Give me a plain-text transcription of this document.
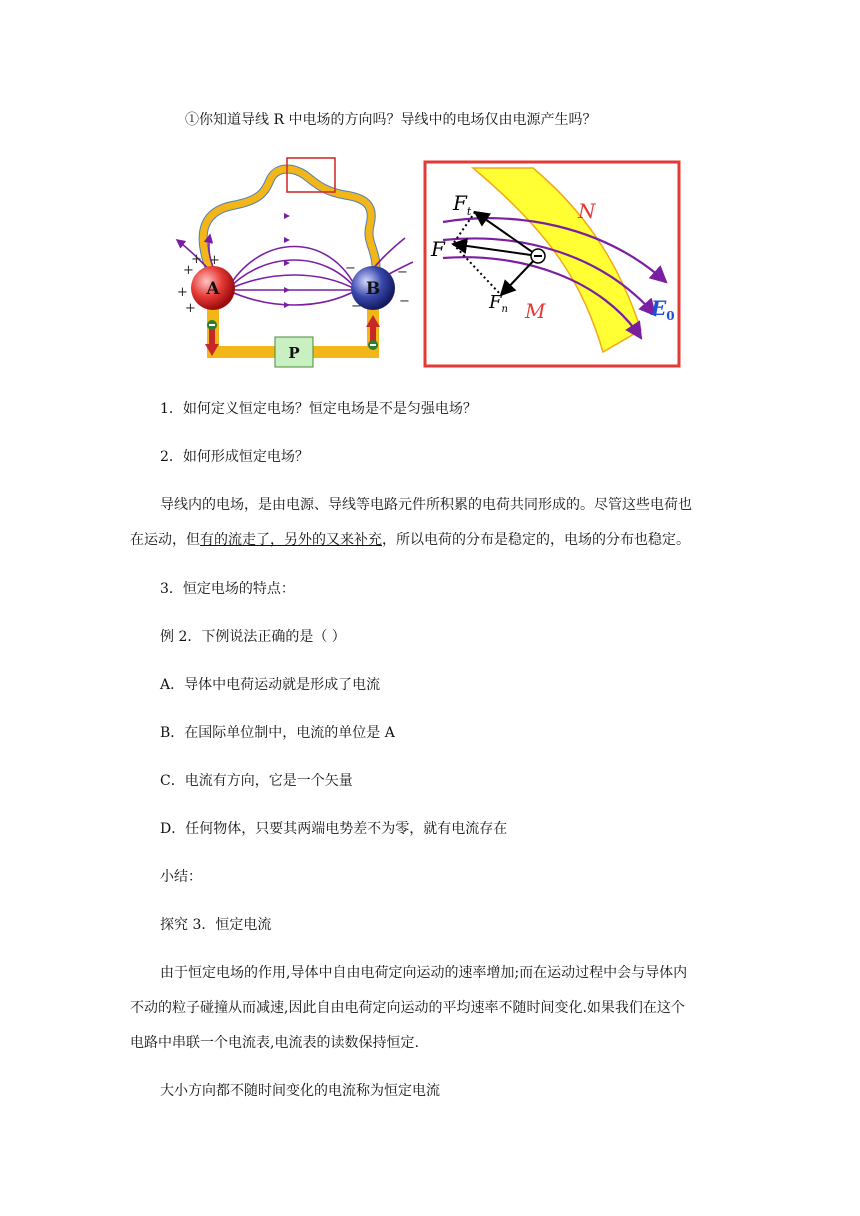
①你知道导线 R 中电场的方向吗？导线中的电场仅由电源产生吗？
A	B
+
+
+
+
+
−	−
−
−
P
$F_t$
F
$F_n$
N
M	$E_0$
1．如何定义恒定电场？恒定电场是不是匀强电场？
2．如何形成恒定电场？
导线内的电场，是由电源、导线等电路元件所积累的电荷共同形成的。尽管这些电荷也
在运动，但有的流走了，另外的又来补充，所以电荷的分布是稳定的，电场的分布也稳定。
3．恒定电场的特点：
例 2．下例说法正确的是（ ）
A．导体中电荷运动就是形成了电流
B．在国际单位制中，电流的单位是 A
C．电流有方向，它是一个矢量
D．任何物体，只要其两端电势差不为零，就有电流存在
小结：
探究 3．恒定电流
由于恒定电场的作用,导体中自由电荷定向运动的速率增加;而在运动过程中会与导体内
不动的粒子碰撞从而减速,因此自由电荷定向运动的平均速率不随时间变化.如果我们在这个
电路中串联一个电流表,电流表的读数保持恒定.
大小方向都不随时间变化的电流称为恒定电流
